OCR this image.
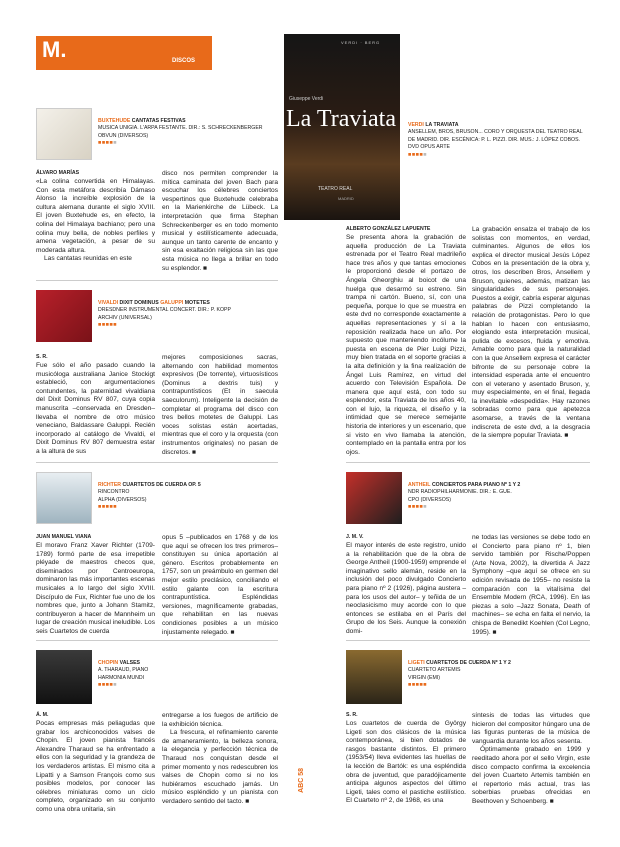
M.	DISCOS
BUXTEHUDE CANTATAS FESTIVAS
MUSICA UNIGIA. L'ARPA FESTANTE. DIR.: S. SCHRECKENBERGER
OBVUN (DIVERSOS)
■■■■■
ÁLVARO MARÍAS

«La colina convertida en Himalayas. Con esta metáfora describía Dámaso Alonso la increíble explosión de la cultura alemana durante el siglo XVIII. El joven Buxtehude es, en efecto, la colina del Himalaya bachiano; pero una colina muy bella, de nobles perfiles y amena vegetación, a pesar de su moderada altura.

Las cantatas reunidas en este

disco nos permiten comprender la mítica caminata del joven Bach para escuchar los célebres conciertos vespertinos que Buxtehude celebraba en la Marienkirche de Lübeck. La interpretación que firma Stephan Schreckenberger es en todo momento musical y estilísticamente adecuada, aunque un tanto carente de encanto y sin esa exaltación religiosa sin las que esta música no llega a brillar en todo su esplendor. ■
VIVALDI DIXIT DOMINUS GALUPPI MOTETES
DRESDNER INSTRUMENTAL CONCERT. DIR.: P. KOPP
ARCHIV (UNIVERSAL)
■■■■■
S. R.
Fue sólo el año pasado cuando la musicóloga australiana Janice Stockigt estableció, con argumentaciones contundentes, la paternidad vivaldiana del Dixit Dominus RV 807, cuya copia manuscrita –conservada en Dresden– llevaba el nombre de otro músico veneciano, Baldassare Galuppi. Recién incorporado al catálogo de Vivaldi, el Dixit Dominus RV 807 demuestra estar a la altura de sus
mejores composiciones sacras, alternando con habilidad momentos expresivos (De torrente), virtuosísticos (Dominus a dextris tuis) y contrapuntísticos (Et in saecula saeculorum). Inteligente la decisión de completar el programa del disco con tres bellos motetes de Galuppi. Las voces solistas están acertadas, mientras que el coro y la orquesta (con instrumentos originales) no pasan de discretos. ■
RICHTER CUARTETOS DE CUERDA OP. 5
RINCONTRO
ALPHA (DIVERSOS)
■■■■■
JUAN MANUEL VIANA
El moravo Franz Xaver Richter (1709-1789) formó parte de esa irrepetible pléyade de maestros checos que, diseminados por Centroeuropa, dominaron las más importantes escenas musicales a lo largo del siglo XVIII. Discípulo de Fux, Richter fue uno de los nombres que, junto a Johann Stamitz, contribuyeron a hacer de Mannheim un lugar de creación musical ineludible. Los seis Cuartetos de cuerda
opus 5 –publicados en 1768 y de los que aquí se ofrecen los tres primeros– constituyen su única aportación al género. Escritos probablemente en 1757, son un preámbulo en germen del mejor estilo preclásico, conciliando el estilo galante con la escritura contrapuntística. Espléndidas versiones, magníficamente grabadas, que rehabilitan en las nuevas condiciones posibles a un músico injustamente relegado. ■
CHOPIN VALSES
A. THARAUD, PIANO
HARMONIA MUNDI
■■■■■
Á. M.
Pocas empresas más peliagudas que grabar los archiconocidos valses de Chopin. El joven pianista francés Alexandre Tharaud se ha enfrentado a ellos con la seguridad y la grandeza de los verdaderos artistas. El mismo cita a Lipatti y a Samson François como sus posibles modelos, por conocer las célebres miniaturas como un ciclo completo, organizado en su conjunto como una obra unitaria, sin

entregarse a los fuegos de artificio de la exhibición técnica.

La frescura, el refinamiento carente de amaneramiento, la belleza sonora, la elegancia y perfección técnica de Tharaud nos conquistan desde el primer momento y nos redescubren los valses de Chopin como si no los hubiéramos escuchado jamás. Un músico espléndido y un pianista con verdadero sentido del tacto. ■

ABC 58
VERDI · BERG
Giuseppe Verdi
La Traviata
TEATRO REAL
MADRID
VERDI LA TRAVIATA
ANSELLEM, BROS, BRUSON... CORO Y ORQUESTA DEL TEATRO REAL DE MADRID. DIR. ESCÉNICA: P. L. PIZZI. DIR. MUS.: J. LÓPEZ COBOS.
DVD OPUS ARTE
■■■■■
ALBERTO GONZÁLEZ LAPUENTE
Se presenta ahora la grabación de aquella producción de La Traviata estrenada por el Teatro Real madrileño hace tres años y que tantas emociones le proporcionó desde el portazo de Ángela Gheorghiu al boicot de una huelga que desarmó su estreno. Sin trampa ni cartón. Bueno, sí, con una pequeña, porque lo que se muestra en este dvd no corresponde exactamente a aquellas representaciones y sí a la reposición realizada hace un año. Por supuesto que manteniendo incólume la puesta en escena de Pier Luigi Pizzi, muy bien tratada en el soporte gracias a la alta definición y la fina realización de Ángel Luis Ramírez, en virtud del acuerdo con Televisión Española. De manera que aquí está, con todo su esplendor, esta Traviata de los años 40, con el lujo, la riqueza, el diseño y la intimidad que se merece semejante historia de interiores y un escenario, que si visto en vivo llamaba la atención, contemplado en la pantalla entra por los ojos.
La grabación ensalza el trabajo de los solistas con momentos, en verdad, culminantes. Algunos de ellos los explica el director musical Jesús López Cobos en la presentación de la obra y, otros, los describen Bros, Ansellem y Bruson, quienes, además, matizan las singularidades de sus personajes. Puestos a exigir, cabría esperar algunas palabras de Pizzi completando la relación de protagonistas. Pero lo que hablan lo hacen con entusiasmo, elogiando esta interpretación musical, pulida de excesos, fluida y emotiva. Amable como para que la naturalidad con la que Ansellem expresa el carácter bifronte de su personaje cobre la intensidad esperada ante el encuentro con el veterano y asentado Bruson, y, muy especialmente, en el final, llegada la inevitable «despedida». Hay razones sobradas como para que apetezca asomarse, a través de la ventana indiscreta de este dvd, a la desgracia de la siempre popular Traviata. ■
ANTHEIL CONCIERTOS PARA PIANO Nº 1 Y 2
NDR RADIOPHILHARMONIE. DIR.: E. GUE.
CPO (DIVERSOS)
■■■■■
J. M. V.
El mayor interés de este registro, unido a la rehabilitación que de la obra de George Antheil (1900-1959) emprende el imaginativo sello alemán, reside en la inclusión del poco divulgado Concierto para piano nº 2 (1926), página austera –para los usos del autor– y teñida de un neoclasicismo muy acorde con lo que entonces se estilaba en el París del Grupo de los Seis. Aunque la conexión domi-
ne todas las versiones se debe todo en el Concierto para piano nº 1, bien servido también por Rische/Poppen (Arte Nova, 2002), la divertida A Jazz Symphony –que aquí se ofrece en su edición revisada de 1955– no resiste la comparación con la vitalísima del Ensemble Modern (RCA, 1996). En las piezas a solo –Jazz Sonata, Death of machines– se echa en falta el nervio, la chispa de Benedikt Koehlen (Col Legno, 1995). ■
LIGETI CUARTETOS DE CUERDA Nº 1 Y 2
CUARTETO ARTEMIS
VIRGIN (EMI)
■■■■■
S. R.
Los cuartetos de cuerda de György Ligeti son dos clásicos de la música contemporánea, si bien dotados de rasgos bastante distintos. El primero (1953/54) lleva evidentes las huellas de la lección de Bartók: es una espléndida obra de juventud, que paradójicamente anticipa algunos aspectos del último Ligeti, tales como el pastiche estilístico. El Cuarteto nº 2, de 1968, es una

síntesis de todas las virtudes que hicieron del compositor húngaro una de las figuras punteras de la música de vanguardia durante los años sesenta.

Óptimamente grabado en 1999 y reeditado ahora por el sello Virgin, este disco compacto confirma la excelencia del joven Cuarteto Artemis también en el repertorio más actual, tras las soberbias pruebas ofrecidas en Beethoven y Schoenberg. ■
